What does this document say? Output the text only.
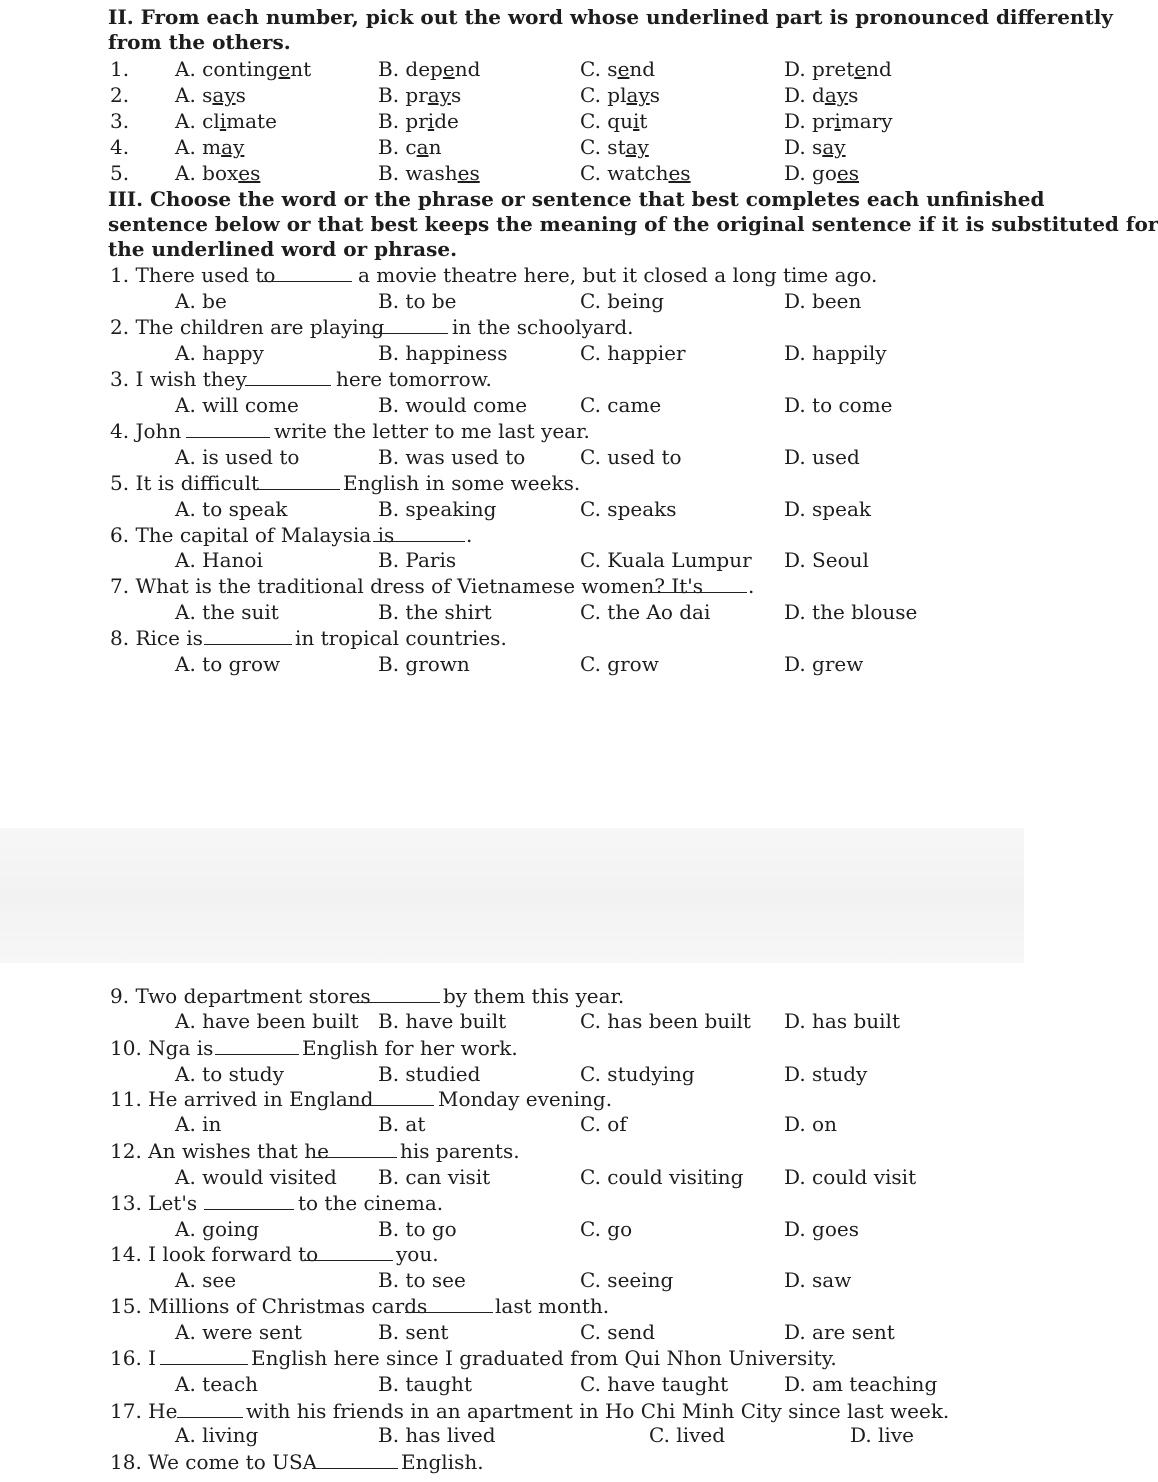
II. From each number, pick out the word whose underlined part is pronounced differently
from the others.
1. A. contingent	B. depend	C. send	D. pretend
2. A. says	B. prays	C. plays	D. days
3. A. climate	B. pride	C. quit	D. primary
4. A. may	B. can	C. stay	D. say
5. A. boxes	B. washes	C. watches	D. goes
III. Choose the word or the phrase or sentence that best completes each unfinished
sentence below or that best keeps the meaning of the original sentence if it is substituted for
the underlined word or phrase.
1. There used to	a movie theatre here, but it closed a long time ago.
A. be	B. to be	C. being	D. been
2. The children are playing	in the schoolyard.
A. happy	B. happiness	C. happier	D. happily
3. I wish they	here tomorrow.
A. will come	B. would come	C. came	D. to come
4. John	write the letter to me last year.
A. is used to	B. was used to	C. used to	D. used
5. It is difficult	English in some weeks.
A. to speak	B. speaking	C. speaks	D. speak
6. The capital of Malaysia is	.
A. Hanoi	B. Paris	C. Kuala Lumpur D. Seoul
7. What is the traditional dress of Vietnamese women? It's .
A. the suit	B. the shirt	C. the Ao dai	D. the blouse
8. Rice is	in tropical countries.
A. to grow	B. grown	C. grow	D. grew
9. Two department stores	by them this year.
A. have been built B. have built	C. has been built D. has built
10. Nga is	English for her work.
A. to study	B. studied	C. studying	D. study
11. He arrived in England	Monday evening.
A. in	B. at	C. of	D. on
12. An wishes that he	his parents.
A. would visited B. can visit	C. could visiting D. could visit
13. Let's	to the cinema.
A. going	B. to go	C. go	D. goes
14. I look forward to	you.
A. see	B. to see	C. seeing	D. saw
15. Millions of Christmas cards	last month.
A. were sent	B. sent	C. send	D. are sent
16. I	English here since I graduated from Qui Nhon University.
A. teach	B. taught	C. have taught	D. am teaching
17. He	with his friends in an apartment in Ho Chi Minh City since last week.
A. living	B. has lived	C. lived	D. live
18. We come to USA	English.
